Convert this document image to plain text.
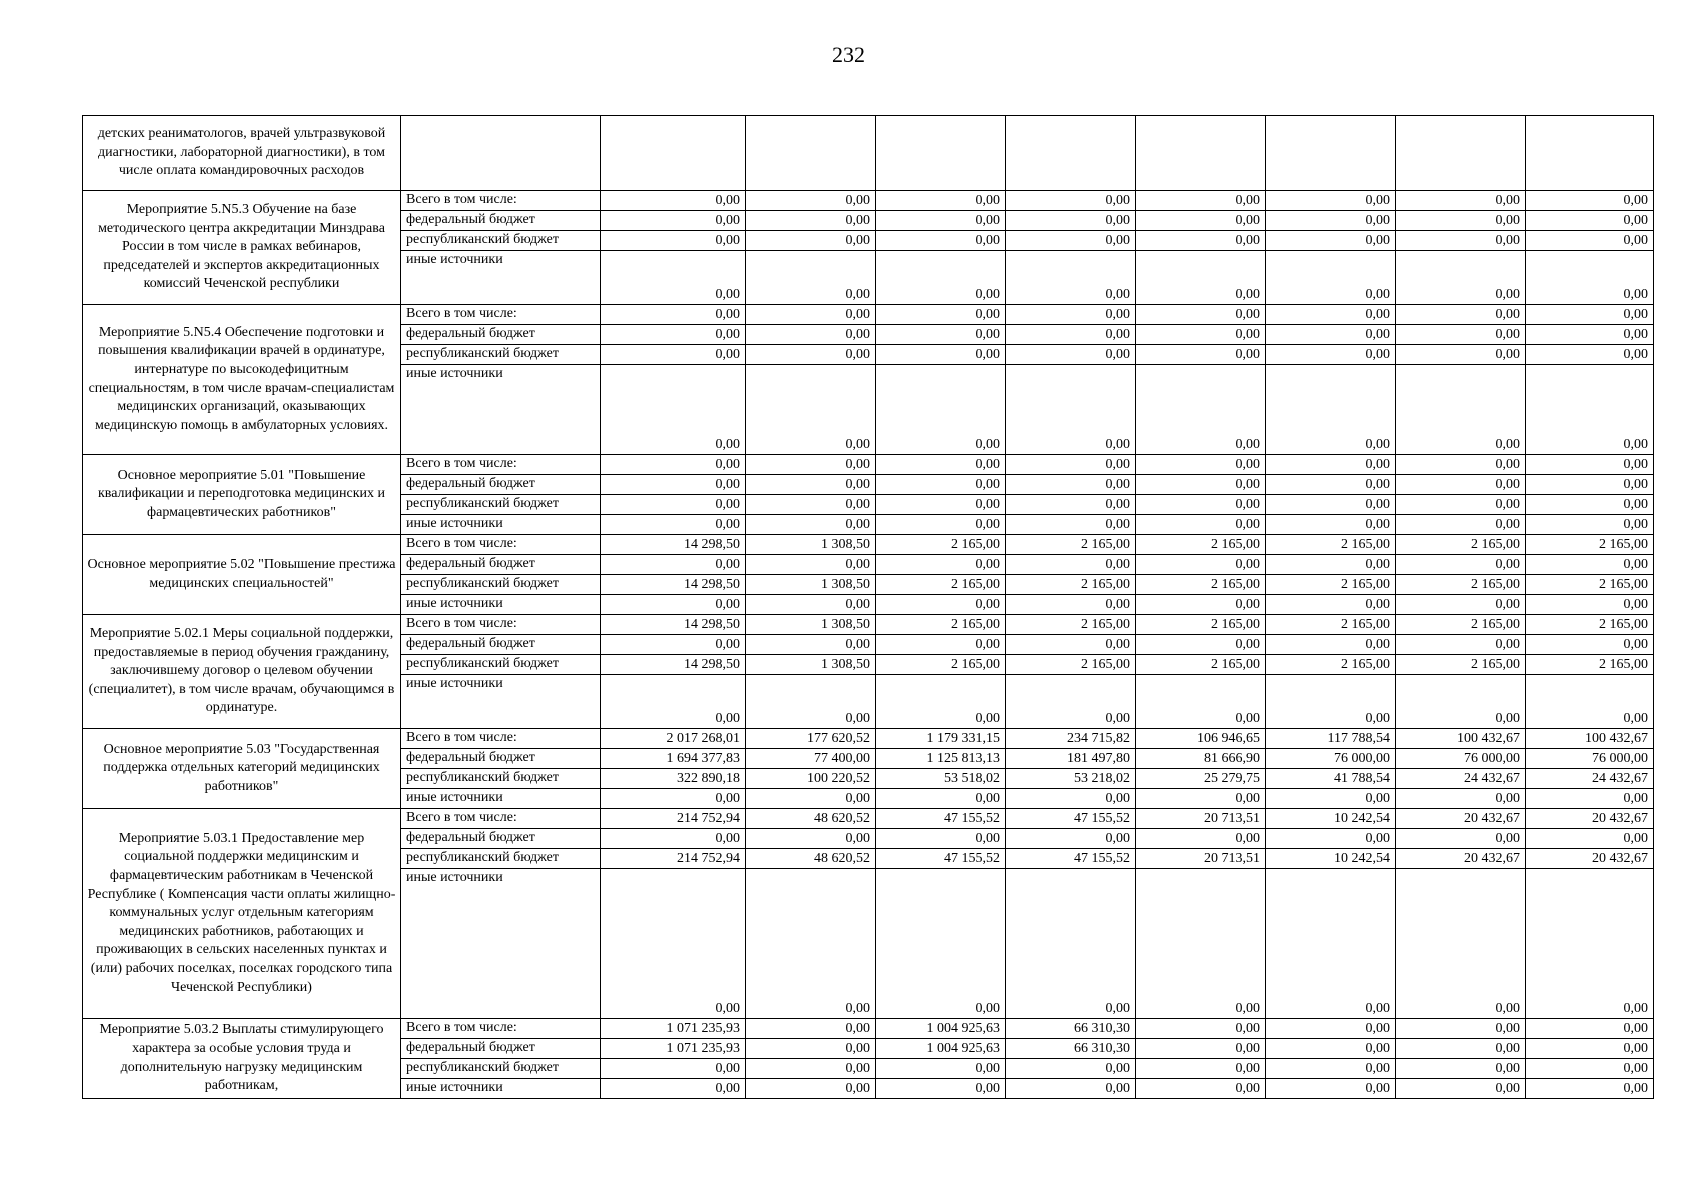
232
детских реаниматологов, врачей ультразвуковой диагностики, лабораторной диагностики), в том числе оплата командировочных расходов									
Мероприятие 5.N5.3 Обучение на базе методического центра аккредитации Минздрава России в том числе в рамках вебинаров, председателей и экспертов аккредитационных комиссий Чеченской республики	Всего в том числе:	0,00	0,00	0,00	0,00	0,00	0,00	0,00	0,00
	федеральный бюджет	0,00	0,00	0,00	0,00	0,00	0,00	0,00	0,00
	республиканский бюджет	0,00	0,00	0,00	0,00	0,00	0,00	0,00	0,00
	иные источники	0,00	0,00	0,00	0,00	0,00	0,00	0,00	0,00
Мероприятие 5.N5.4 Обеспечение подготовки и повышения квалификации врачей в ординатуре, интернатуре по высокодефицитным специальностям, в том числе врачам-специалистам медицинских организаций, оказывающих медицинскую помощь в амбулаторных условиях.	Всего в том числе:	0,00	0,00	0,00	0,00	0,00	0,00	0,00	0,00
	федеральный бюджет	0,00	0,00	0,00	0,00	0,00	0,00	0,00	0,00
	республиканский бюджет	0,00	0,00	0,00	0,00	0,00	0,00	0,00	0,00
	иные источники	0,00	0,00	0,00	0,00	0,00	0,00	0,00	0,00
Основное мероприятие 5.01 "Повышение квалификации и переподготовка медицинских и фармацевтических работников"	Всего в том числе:	0,00	0,00	0,00	0,00	0,00	0,00	0,00	0,00
	федеральный бюджет	0,00	0,00	0,00	0,00	0,00	0,00	0,00	0,00
	республиканский бюджет	0,00	0,00	0,00	0,00	0,00	0,00	0,00	0,00
	иные источники	0,00	0,00	0,00	0,00	0,00	0,00	0,00	0,00
Основное мероприятие 5.02 "Повышение престижа медицинских специальностей"	Всего в том числе:	14 298,50	1 308,50	2 165,00	2 165,00	2 165,00	2 165,00	2 165,00	2 165,00
	федеральный бюджет	0,00	0,00	0,00	0,00	0,00	0,00	0,00	0,00
	республиканский бюджет	14 298,50	1 308,50	2 165,00	2 165,00	2 165,00	2 165,00	2 165,00	2 165,00
	иные источники	0,00	0,00	0,00	0,00	0,00	0,00	0,00	0,00
Мероприятие 5.02.1 Меры социальной поддержки, предоставляемые в период обучения гражданину, заключившему договор о целевом обучении (специалитет), в том числе врачам, обучающимся в ординатуре.	Всего в том числе:	14 298,50	1 308,50	2 165,00	2 165,00	2 165,00	2 165,00	2 165,00	2 165,00
	федеральный бюджет	0,00	0,00	0,00	0,00	0,00	0,00	0,00	0,00
	республиканский бюджет	14 298,50	1 308,50	2 165,00	2 165,00	2 165,00	2 165,00	2 165,00	2 165,00
	иные источники	0,00	0,00	0,00	0,00	0,00	0,00	0,00	0,00
Основное мероприятие 5.03 "Государственная поддержка отдельных категорий медицинских работников"	Всего в том числе:	2 017 268,01	177 620,52	1 179 331,15	234 715,82	106 946,65	117 788,54	100 432,67	100 432,67
	федеральный бюджет	1 694 377,83	77 400,00	1 125 813,13	181 497,80	81 666,90	76 000,00	76 000,00	76 000,00
	республиканский бюджет	322 890,18	100 220,52	53 518,02	53 218,02	25 279,75	41 788,54	24 432,67	24 432,67
	иные источники	0,00	0,00	0,00	0,00	0,00	0,00	0,00	0,00
Мероприятие 5.03.1 Предоставление мер социальной поддержки медицинским и фармацевтическим работникам в Чеченской Республике ( Компенсация части оплаты жилищно-коммунальных услуг отдельным категориям медицинских работников, работающих и проживающих в сельских населенных пунктах и (или) рабочих поселках, поселках городского типа Чеченской Республики)	Всего в том числе:	214 752,94	48 620,52	47 155,52	47 155,52	20 713,51	10 242,54	20 432,67	20 432,67
	федеральный бюджет	0,00	0,00	0,00	0,00	0,00	0,00	0,00	0,00
	республиканский бюджет	214 752,94	48 620,52	47 155,52	47 155,52	20 713,51	10 242,54	20 432,67	20 432,67
	иные источники	0,00	0,00	0,00	0,00	0,00	0,00	0,00	0,00
Мероприятие 5.03.2 Выплаты стимулирующего характера за особые условия труда и дополнительную нагрузку медицинским работникам,	Всего в том числе:	1 071 235,93	0,00	1 004 925,63	66 310,30	0,00	0,00	0,00	0,00
	федеральный бюджет	1 071 235,93	0,00	1 004 925,63	66 310,30	0,00	0,00	0,00	0,00
	республиканский бюджет	0,00	0,00	0,00	0,00	0,00	0,00	0,00	0,00
	иные источники	0,00	0,00	0,00	0,00	0,00	0,00	0,00	0,00
